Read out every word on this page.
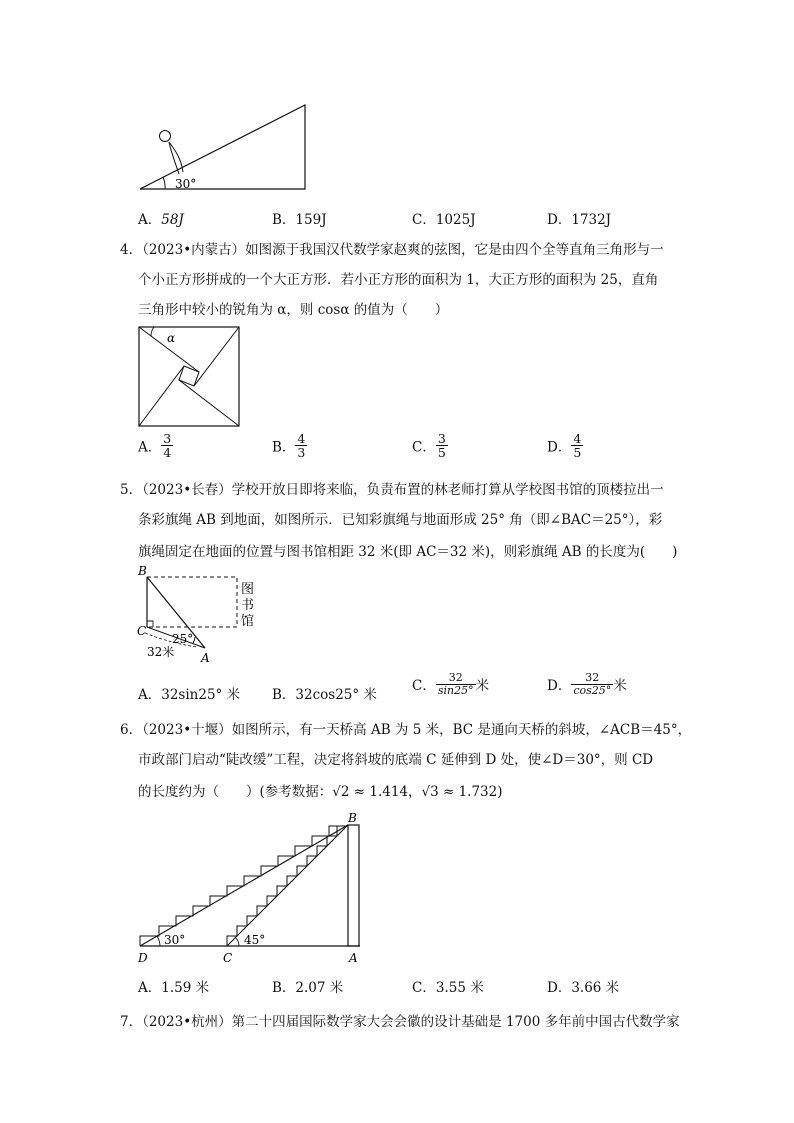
30°
A．58J	B．159J	C．1025J	D．1732J
4．（2023•内蒙古）如图源于我国汉代数学家赵爽的弦图，它是由四个全等直角三角形与一
个小正方形拼成的一个大正方形．若小正方形的面积为 1，大正方形的面积为 25，直角
三角形中较小的锐角为 α，则 cosα 的值为（　　）
α
A． $\frac{3}{4}$	B． $\frac{4}{3}$	C． $\frac{3}{5}$	D． $\frac{4}{5}$
5．（2023•长春）学校开放日即将来临，负责布置的林老师打算从学校图书馆的顶楼拉出一
条彩旗绳 AB 到地面，如图所示．已知彩旗绳与地面形成 25° 角（即∠BAC＝25°），彩
旗绳固定在地面的位置与图书馆相距 32 米(即 AC＝32 米)，则彩旗绳 AB 的长度为(　　)
B
C
A
25°
32米
图
书
馆
A．32sin25° 米 B．32cos25° 米
C． $\frac{32}{\sin 25^\circ}$ 米	D． $\frac{32}{\cos 25^\circ}$ 米
6．（2023•十堰）如图所示，有一天桥高 AB 为 5 米，BC 是通向天桥的斜坡，∠ACB＝45°，
市政部门启动“陡改缓”工程，决定将斜坡的底端 C 延伸到 D 处，使∠D＝30°，则 CD
的长度约为（　　）(参考数据：√2 ≈ 1.414，√3 ≈ 1.732)
B
D	C	A
30°	45°
A．1.59 米	B．2.07 米	C．3.55 米	D．3.66 米
7．（2023•杭州）第二十四届国际数学家大会会徽的设计基础是 1700 多年前中国古代数学家
